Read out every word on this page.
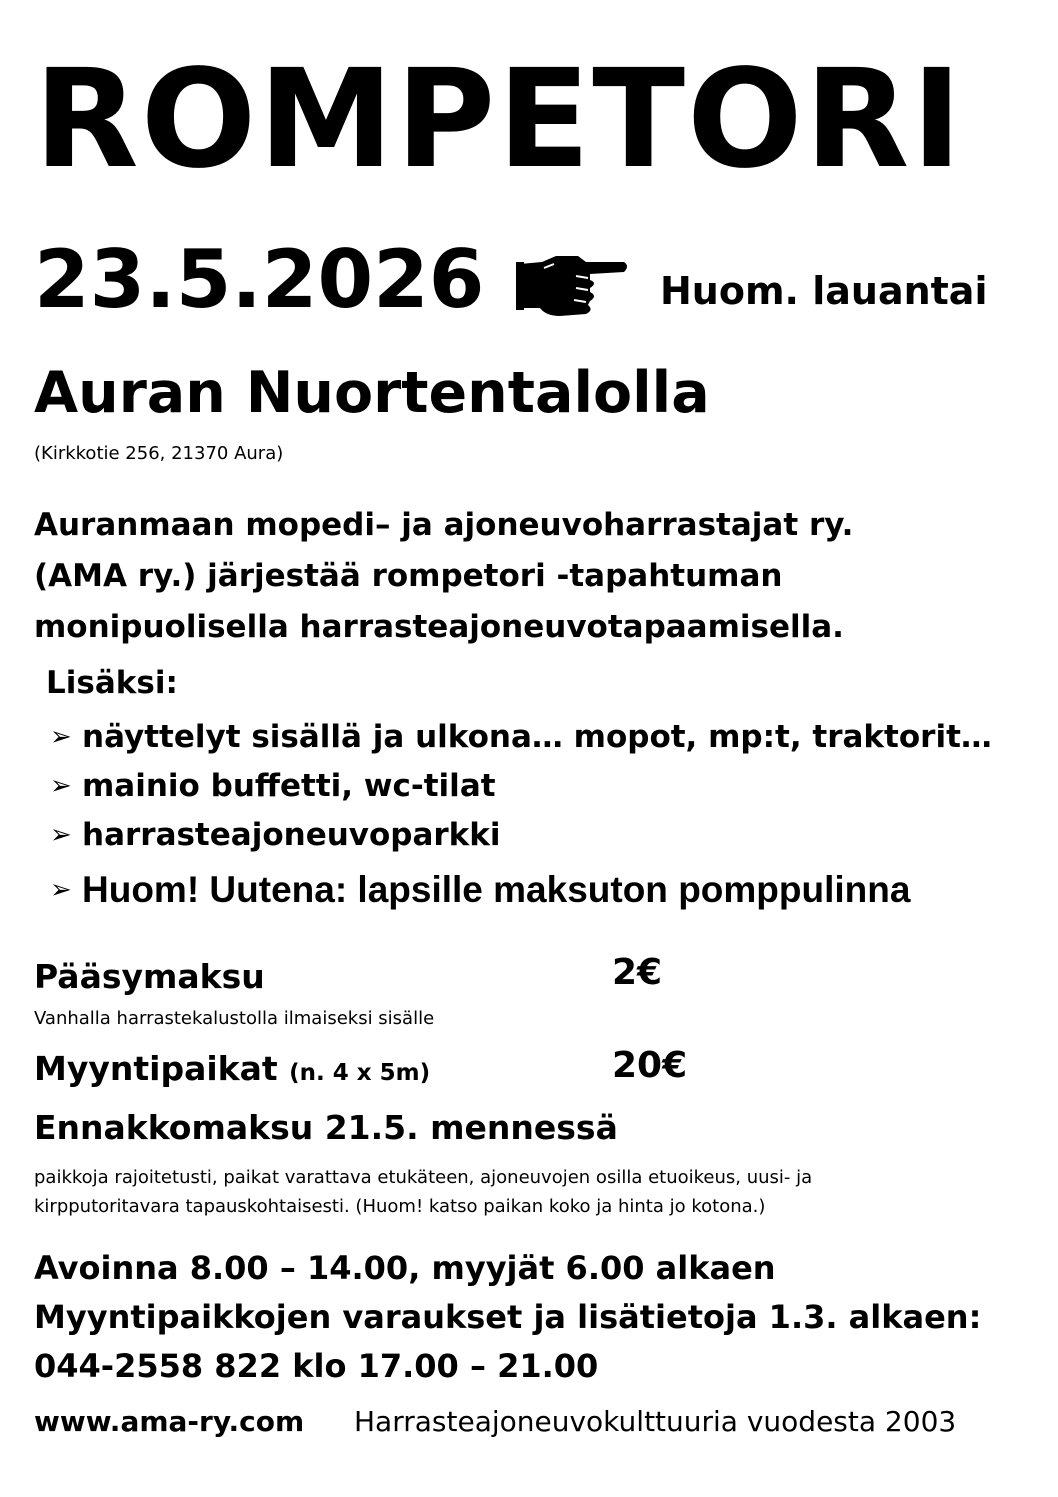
ROMPETORI
23.5.2026	Huom. lauantai
Auran Nuortentalolla
(Kirkkotie 256, 21370 Aura)
Auranmaan mopedi– ja ajoneuvoharrastajat ry.
(AMA ry.) järjestää rompetori -tapahtuman
monipuolisella harrasteajoneuvotapaamisella.
Lisäksi:
➢ näyttelyt sisällä ja ulkona… mopot, mp:t, traktorit…
➢ mainio buffetti, wc-tilat
➢ harrasteajoneuvoparkki
➢ Huom! Uutena: lapsille maksuton pomppulinna
Pääsymaksu	2€
Vanhalla harrastekalustolla ilmaiseksi sisälle
Myyntipaikat (n. 4 x 5m)	20€
Ennakkomaksu 21.5. mennessä
paikkoja rajoitetusti, paikat varattava etukäteen, ajoneuvojen osilla etuoikeus, uusi- ja
kirpputoritavara tapauskohtaisesti. (Huom! katso paikan koko ja hinta jo kotona.)
Avoinna 8.00 – 14.00, myyjät 6.00 alkaen
Myyntipaikkojen varaukset ja lisätietoja 1.3. alkaen:
044-2558 822 klo 17.00 – 21.00
www.ama-ry.com Harrasteajoneuvokulttuuria vuodesta 2003
